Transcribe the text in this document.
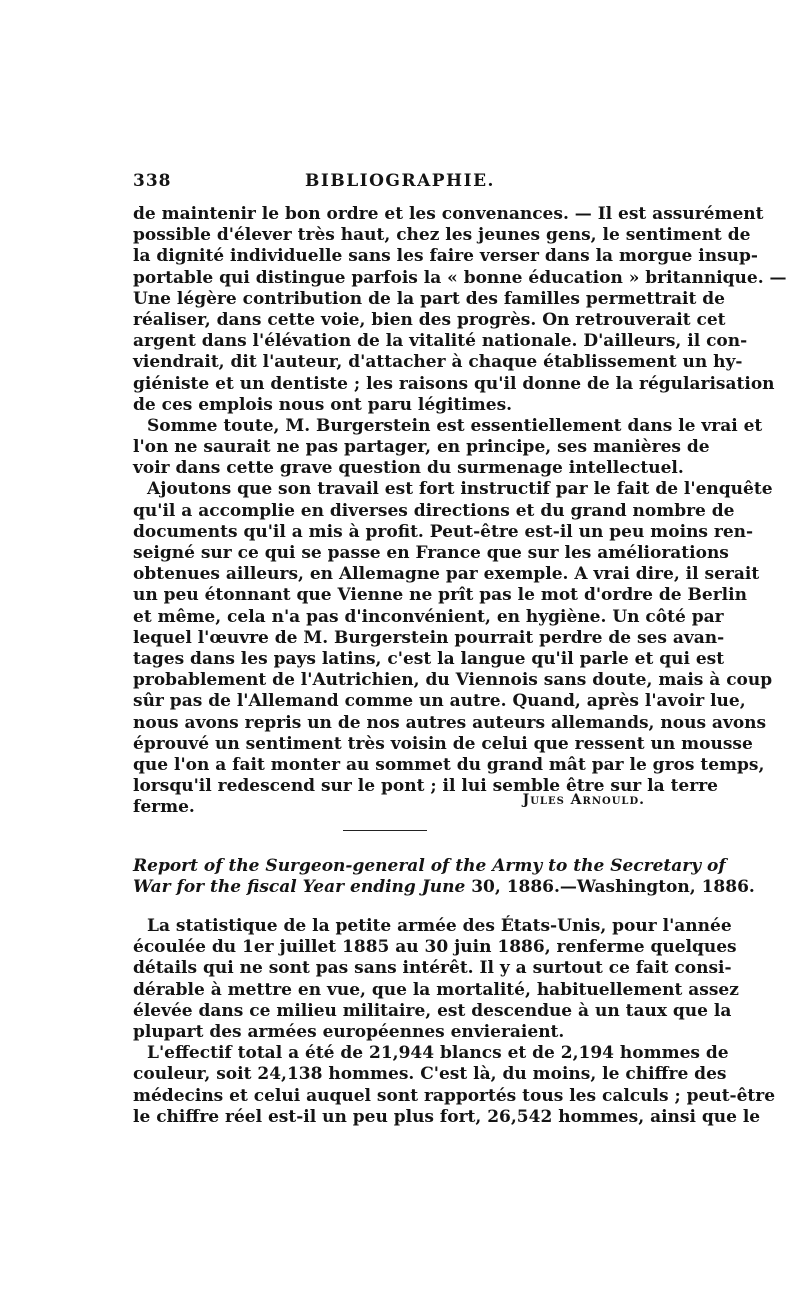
338	BIBLIOGRAPHIE.
de maintenir le bon ordre et les convenances. — Il est assurément
possible d'élever très haut, chez les jeunes gens, le sentiment de
la dignité individuelle sans les faire verser dans la morgue insup-
portable qui distingue parfois la « bonne éducation » britannique. —
Une légère contribution de la part des familles permettrait de
réaliser, dans cette voie, bien des progrès. On retrouverait cet
argent dans l'élévation de la vitalité nationale. D'ailleurs, il con-
viendrait, dit l'auteur, d'attacher à chaque établissement un hy-
giéniste et un dentiste ; les raisons qu'il donne de la régularisation
de ces emplois nous ont paru légitimes.
Somme toute, M. Burgerstein est essentiellement dans le vrai et
l'on ne saurait ne pas partager, en principe, ses manières de
voir dans cette grave question du surmenage intellectuel.
Ajoutons que son travail est fort instructif par le fait de l'enquête
qu'il a accomplie en diverses directions et du grand nombre de
documents qu'il a mis à profit. Peut-être est-il un peu moins ren-
seigné sur ce qui se passe en France que sur les améliorations
obtenues ailleurs, en Allemagne par exemple. A vrai dire, il serait
un peu étonnant que Vienne ne prît pas le mot d'ordre de Berlin
et même, cela n'a pas d'inconvénient, en hygiène. Un côté par
lequel l'œuvre de M. Burgerstein pourrait perdre de ses avan-
tages dans les pays latins, c'est la langue qu'il parle et qui est
probablement de l'Autrichien, du Viennois sans doute, mais à coup
sûr pas de l'Allemand comme un autre. Quand, après l'avoir lue,
nous avons repris un de nos autres auteurs allemands, nous avons
éprouvé un sentiment très voisin de celui que ressent un mousse
que l'on a fait monter au sommet du grand mât par le gros temps,
lorsqu'il redescend sur le pont ; il lui semble être sur la terre
ferme.	Jules Arnould.
Report of the Surgeon-general of the Army to the Secretary of
War for the fiscal Year ending June 30, 1886.—Washington, 1886.
La statistique de la petite armée des États-Unis, pour l'année
écoulée du 1er juillet 1885 au 30 juin 1886, renferme quelques
détails qui ne sont pas sans intérêt. Il y a surtout ce fait consi-
dérable à mettre en vue, que la mortalité, habituellement assez
élevée dans ce milieu militaire, est descendue à un taux que la
plupart des armées européennes envieraient.
L'effectif total a été de 21,944 blancs et de 2,194 hommes de
couleur, soit 24,138 hommes. C'est là, du moins, le chiffre des
médecins et celui auquel sont rapportés tous les calculs ; peut-être
le chiffre réel est-il un peu plus fort, 26,542 hommes, ainsi que le
